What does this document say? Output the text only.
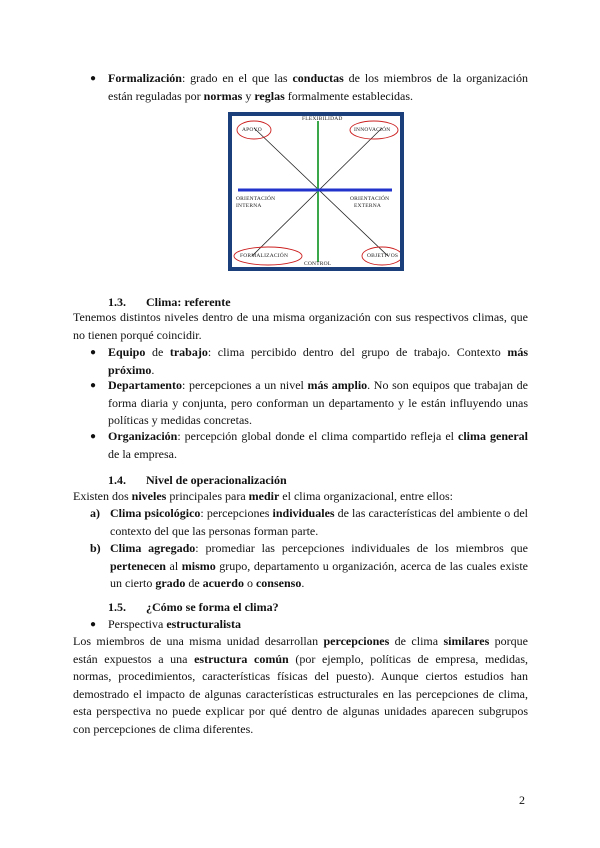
● Formalización: grado en el que las conductas de los miembros de la organización están reguladas por normas y reglas formalmente establecidas.
FLEXIBILIDAD
CONTROL
ORIENTACIÓN
INTERNA
ORIENTACIÓN
EXTERNA
APOYO	INNOVACIÓN
FORMALIZACIÓN	OBJETIVOS
1.3. Clima: referente

Tenemos distintos niveles dentro de una misma organización con sus respectivos climas, que no tienen porqué coincidir.

● Equipo de trabajo: clima percibido dentro del grupo de trabajo. Contexto más próximo.
● Departamento: percepciones a un nivel más amplio. No son equipos que trabajan de forma diaria y conjunta, pero conforman un departamento y le están influyendo unas políticas y medidas concretas.
● Organización: percepción global donde el clima compartido refleja el clima general de la empresa.
1.4. Nivel de operacionalización

Existen dos niveles principales para medir el clima organizacional, entre ellos:

a) Clima psicológico: percepciones individuales de las características del ambiente o del contexto del que las personas forman parte.
b) Clima agregado: promediar las percepciones individuales de los miembros que pertenecen al mismo grupo, departamento u organización, acerca de las cuales existe un cierto grado de acuerdo o consenso.
1.5. ¿Cómo se forma el clima?
● Perspectiva estructuralista

Los miembros de una misma unidad desarrollan percepciones de clima similares porque están expuestos a una estructura común (por ejemplo, políticas de empresa, medidas, normas, procedimientos, características físicas del puesto). Aunque ciertos estudios han demostrado el impacto de algunas características estructurales en las percepciones de clima, esta perspectiva no puede explicar por qué dentro de algunas unidades aparecen subgrupos con percepciones de clima diferentes.

2
